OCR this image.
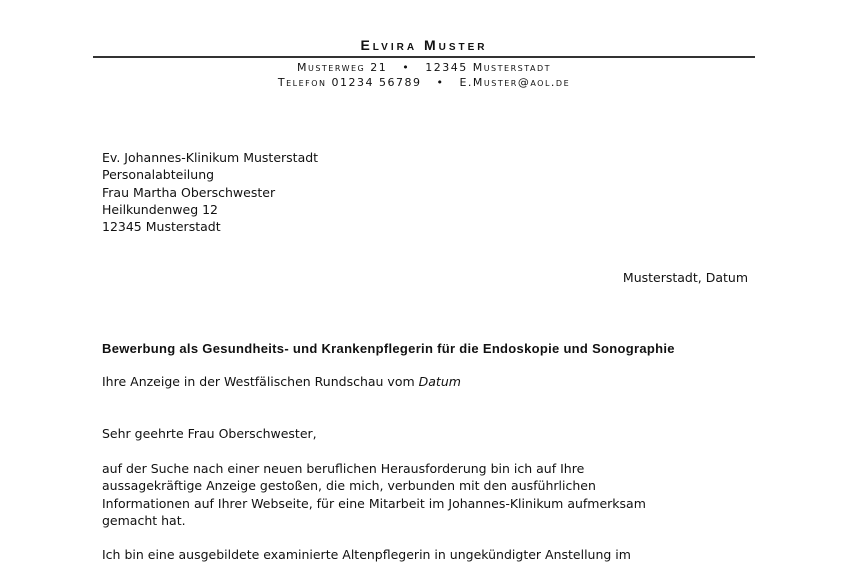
Elvira Muster
Musterweg 21   •   12345 Musterstadt
Telefon 01234 56789   •   E.Muster@aol.de
Ev. Johannes-Klinikum Musterstadt
Personalabteilung
Frau Martha Oberschwester
Heilkundenweg 12
12345 Musterstadt
Musterstadt, Datum
Bewerbung als Gesundheits- und Krankenpflegerin für die Endoskopie und Sonographie
Ihre Anzeige in der Westfälischen Rundschau vom Datum
Sehr geehrte Frau Oberschwester,
auf der Suche nach einer neuen beruflichen Herausforderung bin ich auf Ihre
aussagekräftige Anzeige gestoßen, die mich, verbunden mit den ausführlichen
Informationen auf Ihrer Webseite, für eine Mitarbeit im Johannes-Klinikum aufmerksam
gemacht hat.
Ich bin eine ausgebildete examinierte Altenpflegerin in ungekündigter Anstellung im
